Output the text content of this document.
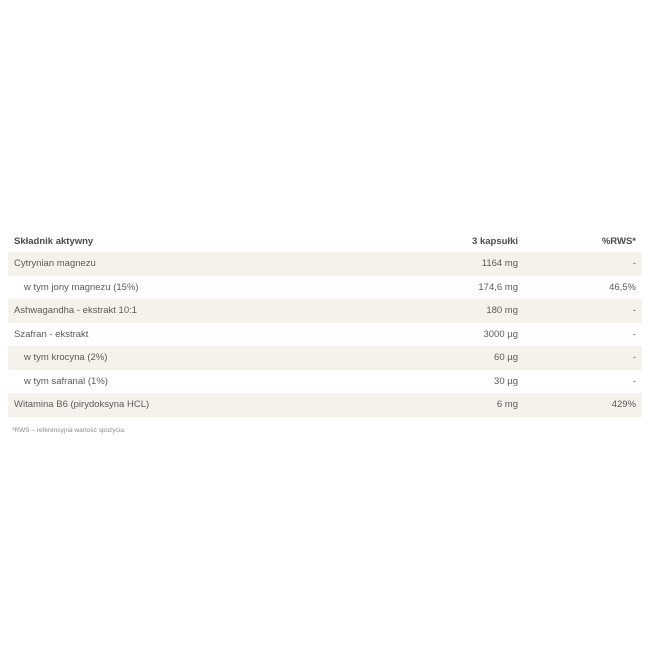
Składnik aktywny	3 kapsułki	%RWS*
Cytrynian magnezu	1164 mg	-
w tym jony magnezu (15%)	174,6 mg	46,5%
Ashwagandha - ekstrakt 10:1	180 mg	-
Szafran - ekstrakt	3000 µg	-
w tym krocyna (2%)	60 µg	-
w tym safranal (1%)	30 µg	-
Witamina B6 (pirydoksyna HCL)	6 mg	429%
*RWS – referencyjna wartość spożycia.
